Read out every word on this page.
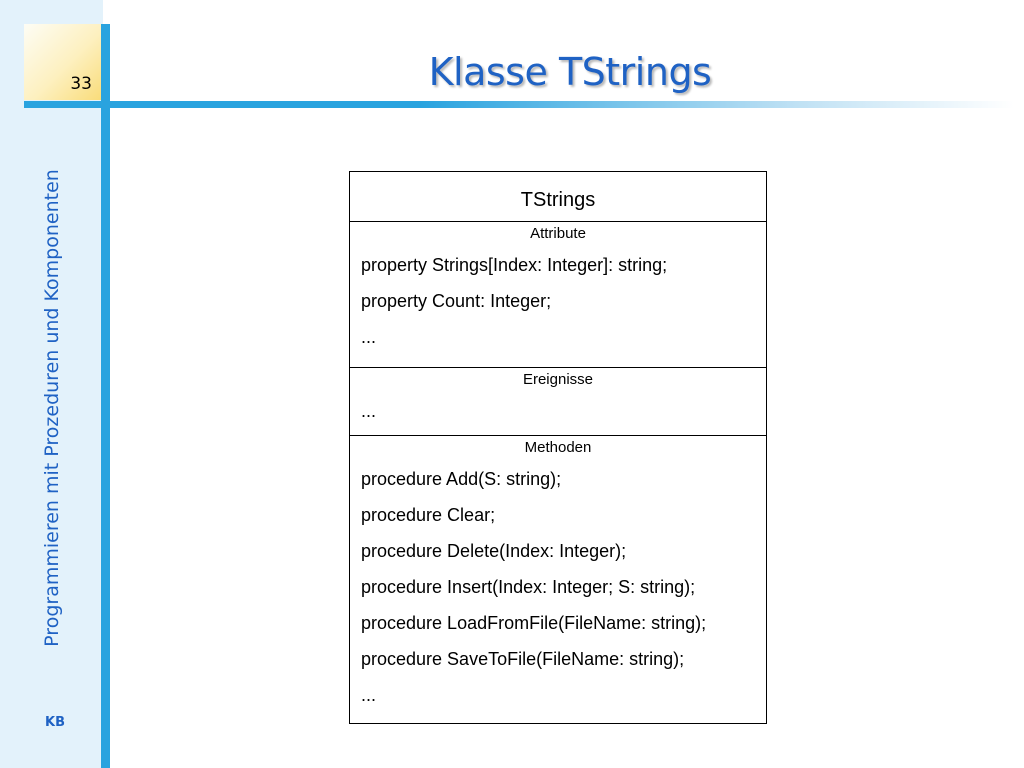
33	Klasse TStrings
Programmieren mit Prozeduren und Komponenten
KB
TStrings
Attribute
property Strings[Index: Integer]: string;
property Count: Integer;
...
Ereignisse
...
Methoden
procedure Add(S: string);
procedure Clear;
procedure Delete(Index: Integer);
procedure Insert(Index: Integer; S: string);
procedure LoadFromFile(FileName: string);
procedure SaveToFile(FileName: string);
...
